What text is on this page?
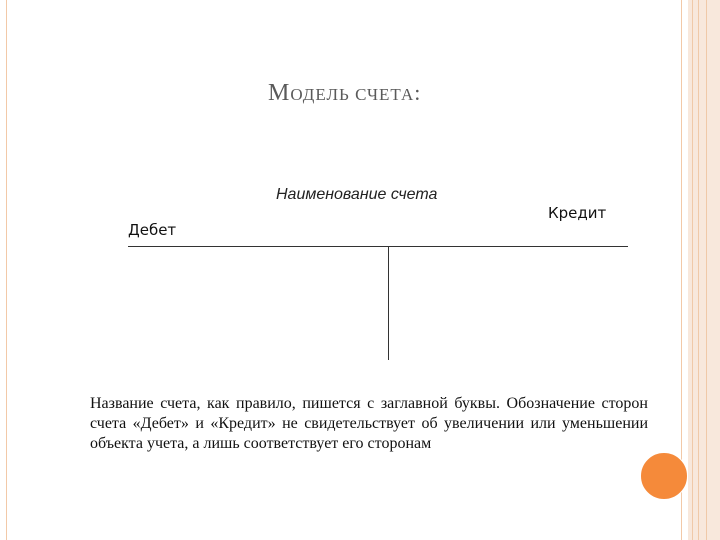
МОДЕЛЬ СЧЕТА:
Наименование счета
Дебет
Кредит

Название счета, как правило, пишется с заглавной буквы. Обозначение сторон счета «Дебет» и «Кредит» не свидетельствует об увеличении или уменьшении объекта учета, а лишь соответствует его сторонам
